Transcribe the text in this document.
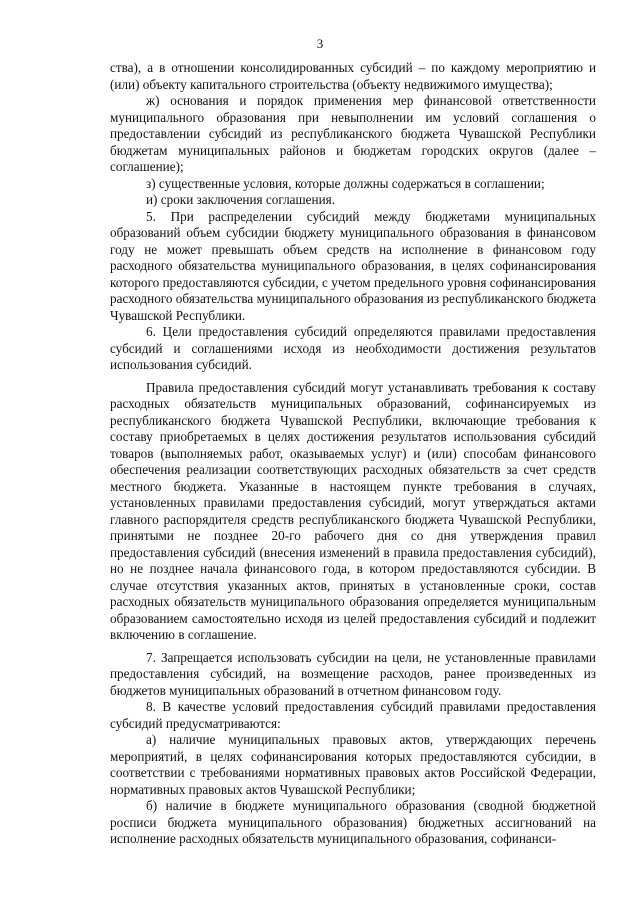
3

ства), а в отношении консолидированных субсидий – по каждому мероприятию и (или) объекту капитального строительства (объекту недвижимого имущества);

ж) основания и порядок применения мер финансовой ответственности муниципального образования при невыполнении им условий соглашения о предоставлении субсидий из республиканского бюджета Чувашской Республики бюджетам муниципальных районов и бюджетам городских округов (далее – соглашение);

з) существенные условия, которые должны содержаться в соглашении;

и) сроки заключения соглашения.

5. При распределении субсидий между бюджетами муниципальных образований объем субсидии бюджету муниципального образования в финансовом году не может превышать объем средств на исполнение в финансовом году расходного обязательства муниципального образования, в целях софинансирования которого предоставляются субсидии, с учетом предельного уровня софинансирования расходного обязательства муниципального образования из республиканского бюджета Чувашской Республики.

6. Цели предоставления субсидий определяются правилами предоставления субсидий и соглашениями исходя из необходимости достижения результатов использования субсидий.

Правила предоставления субсидий могут устанавливать требования к составу расходных обязательств муниципальных образований, софинансируемых из республиканского бюджета Чувашской Республики, включающие требования к составу приобретаемых в целях достижения результатов использования субсидий товаров (выполняемых работ, оказываемых услуг) и (или) способам финансового обеспечения реализации соответствующих расходных обязательств за счет средств местного бюджета. Указанные в настоящем пункте требования в случаях, установленных правилами предоставления субсидий, могут утверждаться актами главного распорядителя средств республиканского бюджета Чувашской Республики, принятыми не позднее 20-го рабочего дня со дня утверждения правил предоставления субсидий (внесения изменений в правила предоставления субсидий), но не позднее начала финансового года, в котором предоставляются субсидии. В случае отсутствия указанных актов, принятых в установленные сроки, состав расходных обязательств муниципального образования определяется муниципальным образованием самостоятельно исходя из целей предоставления субсидий и подлежит включению в соглашение.

7. Запрещается использовать субсидии на цели, не установленные правилами предоставления субсидий, на возмещение расходов, ранее произведенных из бюджетов муниципальных образований в отчетном финансовом году.

8. В качестве условий предоставления субсидий правилами предоставления субсидий предусматриваются:

а) наличие муниципальных правовых актов, утверждающих перечень мероприятий, в целях софинансирования которых предоставляются субсидии, в соответствии с требованиями нормативных правовых актов Российской Федерации, нормативных правовых актов Чувашской Республики;

б) наличие в бюджете муниципального образования (сводной бюджетной росписи бюджета муниципального образования) бюджетных ассигнований на исполнение расходных обязательств муниципального образования, софинанси-
